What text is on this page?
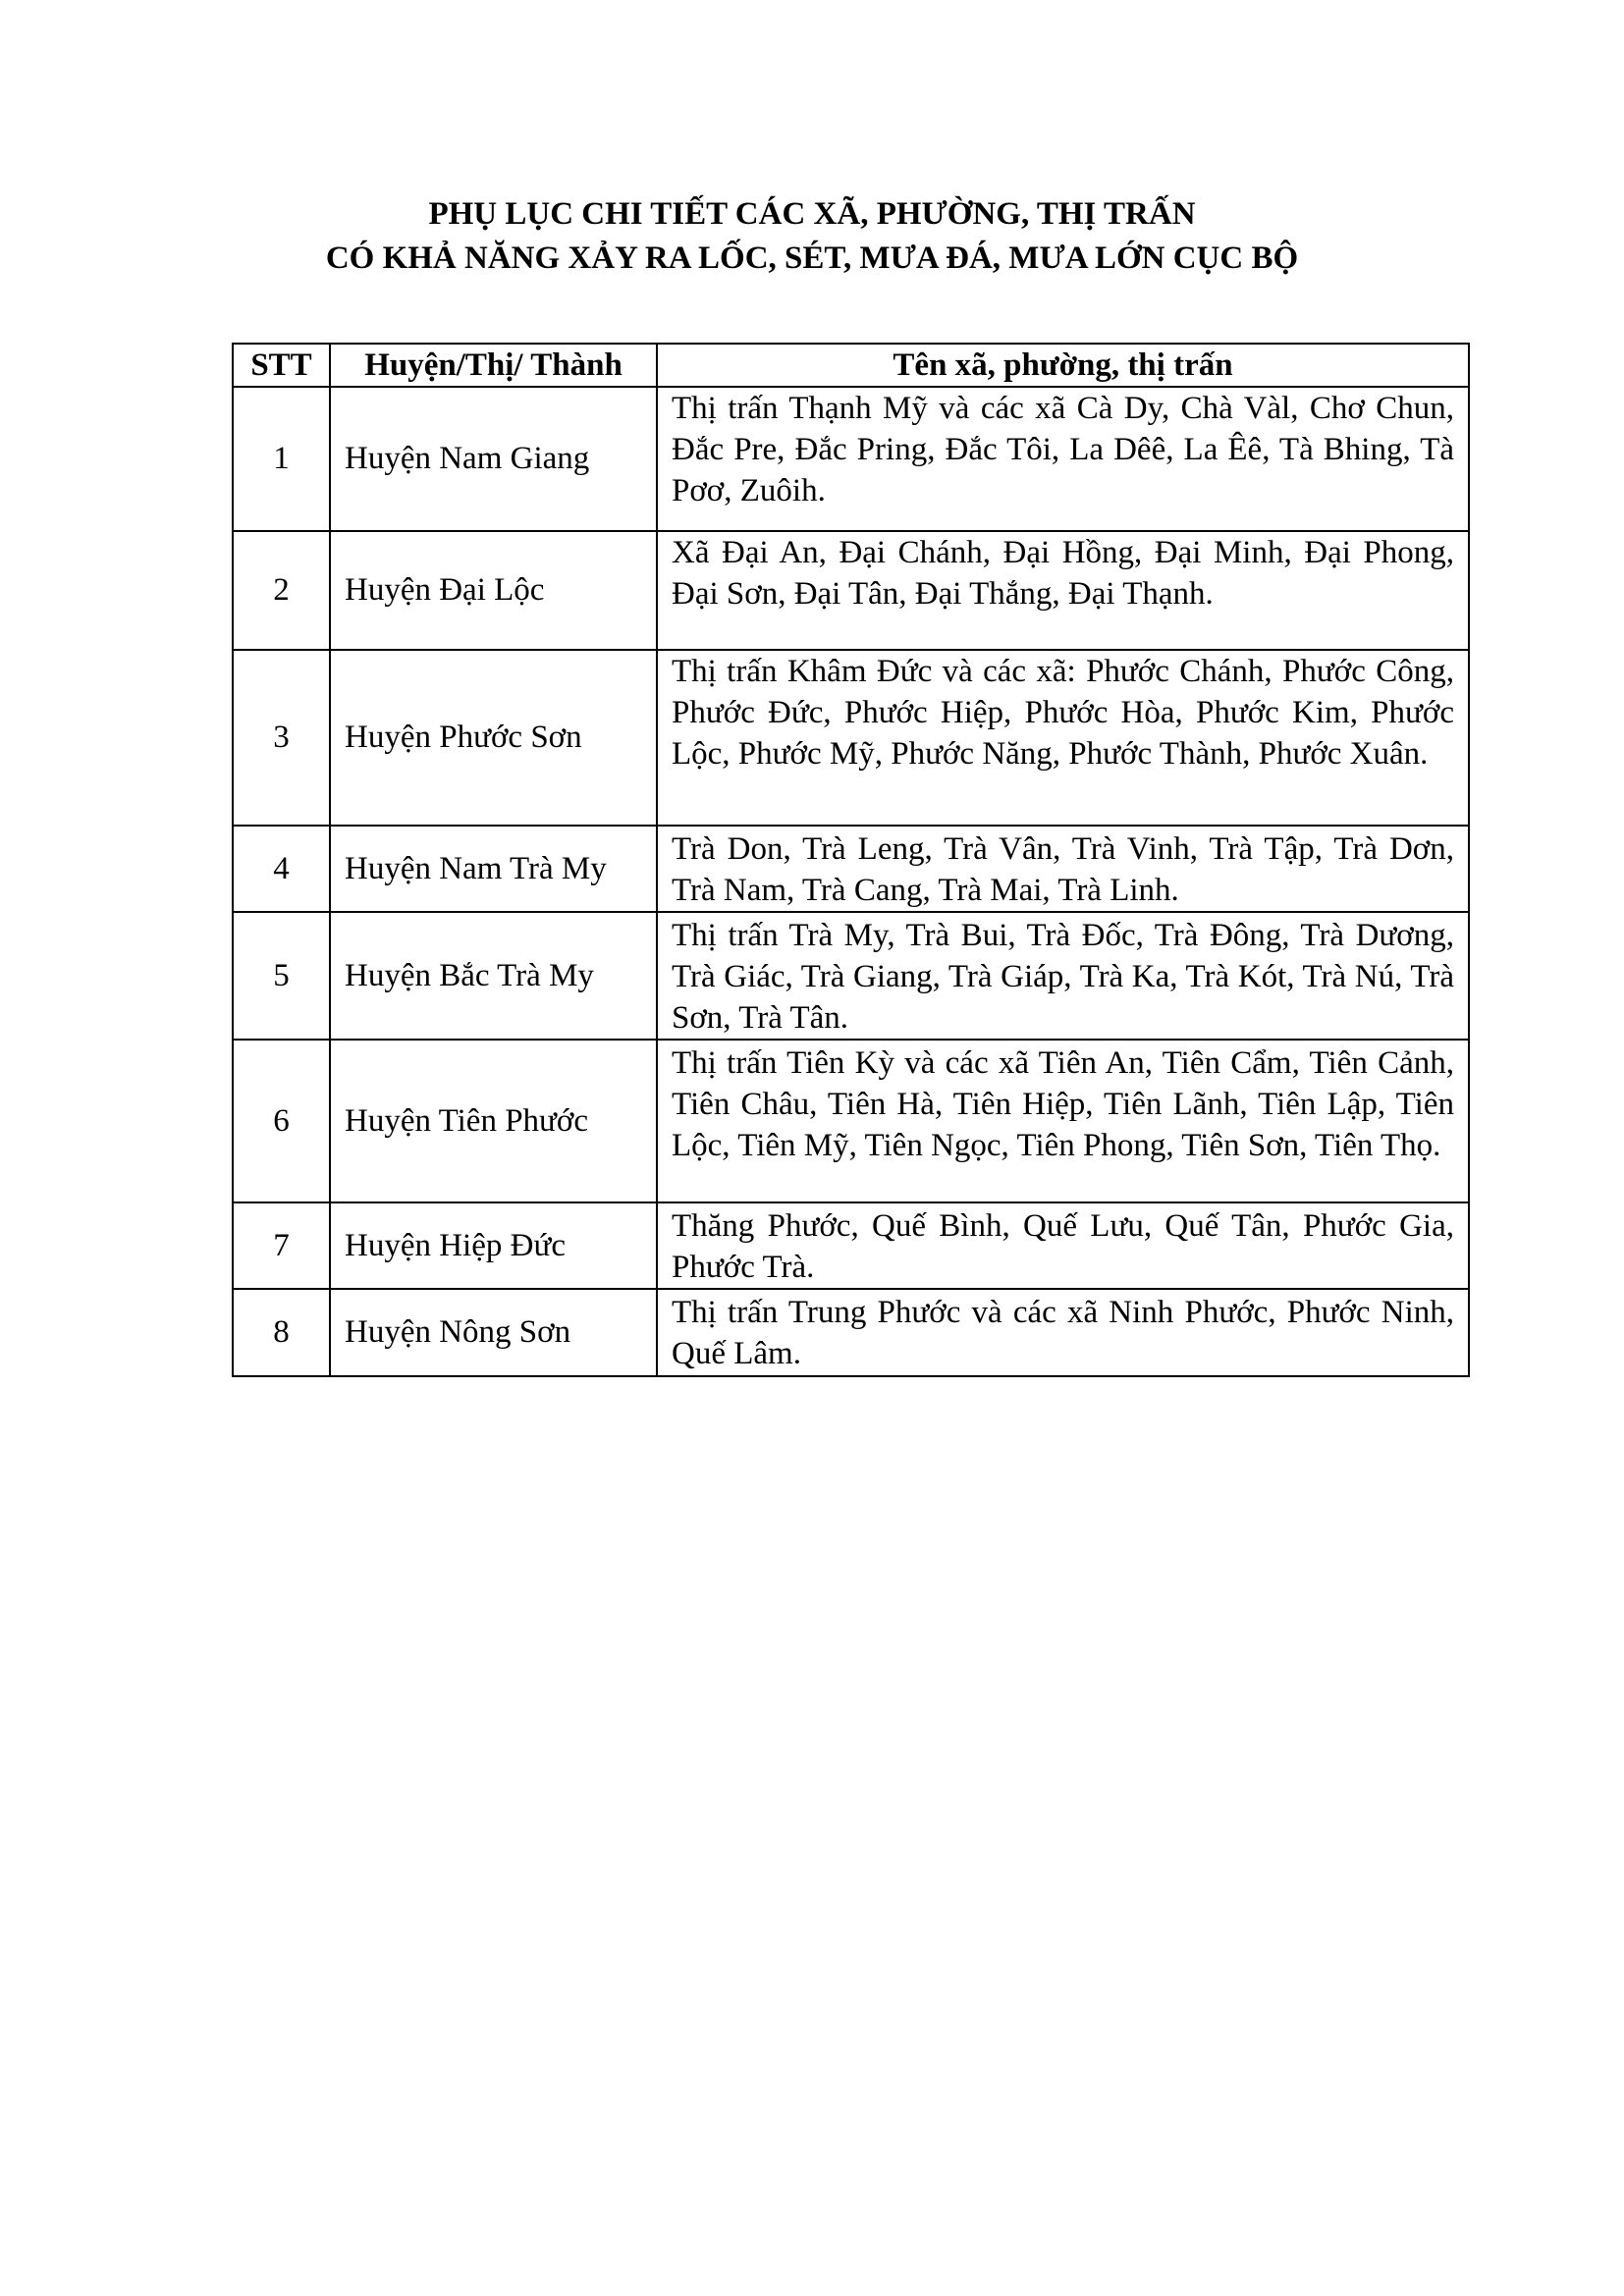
PHỤ LỤC CHI TIẾT CÁC XÃ, PHƯỜNG, THỊ TRẤN
CÓ KHẢ NĂNG XẢY RA LỐC, SÉT, MƯA ĐÁ, MƯA LỚN CỤC BỘ
STT	Huyện/Thị/ Thành	Tên xã, phường, thị trấn
1	Huyện Nam Giang	Thị trấn Thạnh Mỹ và các xã Cà Dy, Chà Vàl, Chơ Chun, Đắc Pre, Đắc Pring, Đắc Tôi, La Dêê, La Êê, Tà Bhing, Tà Pơơ, Zuôih.
2	Huyện Đại Lộc	Xã Đại An, Đại Chánh, Đại Hồng, Đại Minh, Đại Phong, Đại Sơn, Đại Tân, Đại Thắng, Đại Thạnh.
3	Huyện Phước Sơn	Thị trấn Khâm Đức và các xã: Phước Chánh, Phước Công, Phước Đức, Phước Hiệp, Phước Hòa, Phước Kim, Phước Lộc, Phước Mỹ, Phước Năng, Phước Thành, Phước Xuân.
4	Huyện Nam Trà My	Trà Don, Trà Leng, Trà Vân, Trà Vinh, Trà Tập, Trà Dơn, Trà Nam, Trà Cang, Trà Mai, Trà Linh.
5	Huyện Bắc Trà My	Thị trấn Trà My, Trà Bui, Trà Đốc, Trà Đông, Trà Dương, Trà Giác, Trà Giang, Trà Giáp, Trà Ka, Trà Kót, Trà Nú, Trà Sơn, Trà Tân.
6	Huyện Tiên Phước	Thị trấn Tiên Kỳ và các xã Tiên An, Tiên Cẩm, Tiên Cảnh, Tiên Châu, Tiên Hà, Tiên Hiệp, Tiên Lãnh, Tiên Lập, Tiên Lộc, Tiên Mỹ, Tiên Ngọc, Tiên Phong, Tiên Sơn, Tiên Thọ.
7	Huyện Hiệp Đức	Thăng Phước, Quế Bình, Quế Lưu, Quế Tân, Phước Gia, Phước Trà.
8	Huyện Nông Sơn	Thị trấn Trung Phước và các xã Ninh Phước, Phước Ninh, Quế Lâm.
